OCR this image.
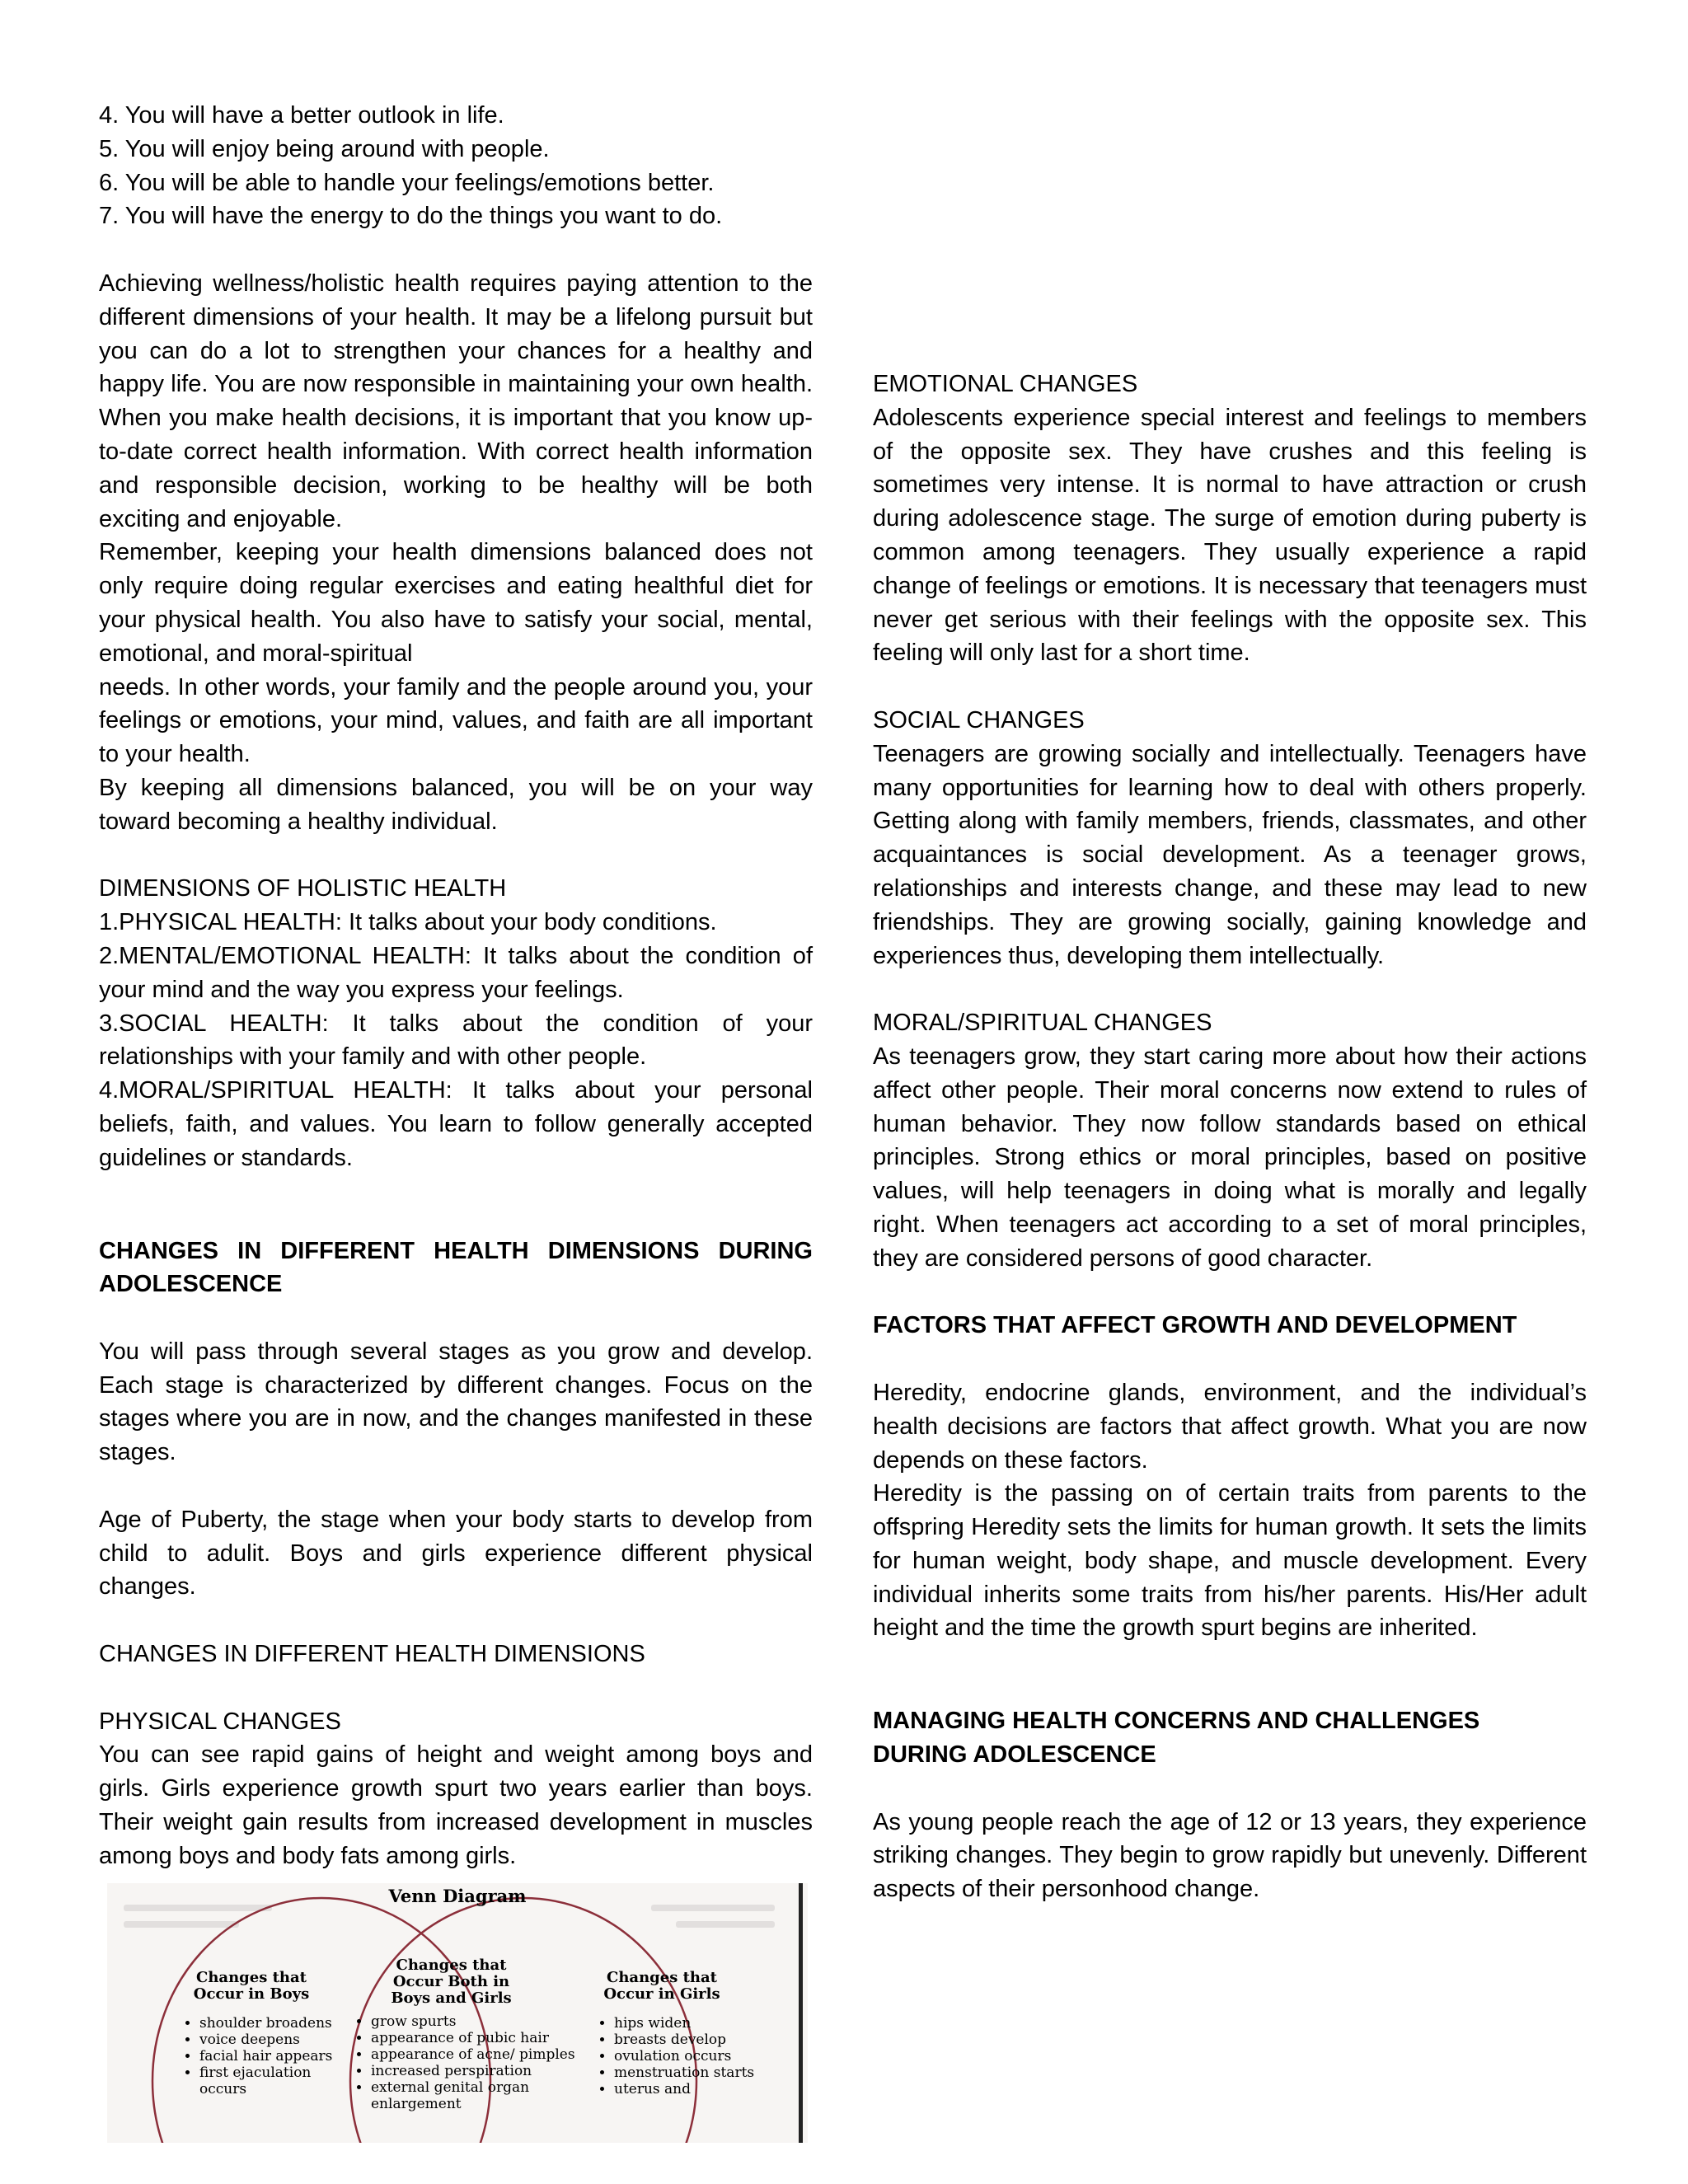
4. You will have a better outlook in life.

5. You will enjoy being around with people.

6. You will be able to handle your feelings/emotions better.

7. You will have the energy to do the things you want to do.

Achieving wellness/holistic health requires paying attention to the different dimensions of your health. It may be a lifelong pursuit but you can do a lot to strengthen your chances for a healthy and happy life. You are now responsible in maintaining your own health. When you make health decisions, it is important that you know up-to-date correct health information. With correct health information and responsible decision, working to be healthy will be both exciting and enjoyable.

Remember, keeping your health dimensions balanced does not only require doing regular exercises and eating healthful diet for your physical health. You also have to satisfy your social, mental, emotional, and moral-spiritual

needs. In other words, your family and the people around you, your feelings or emotions, your mind, values, and faith are all important to your health.

By keeping all dimensions balanced, you will be on your way toward becoming a healthy individual.

DIMENSIONS OF HOLISTIC HEALTH

1.PHYSICAL HEALTH: It talks about your body conditions.

2.MENTAL/EMOTIONAL HEALTH: It talks about the condition of your mind and the way you express your feelings.

3.SOCIAL HEALTH: It talks about the condition of your relationships with your family and with other people.

4.MORAL/SPIRITUAL HEALTH: It talks about your personal beliefs, faith, and values. You learn to follow generally accepted guidelines or standards.

CHANGES IN DIFFERENT HEALTH DIMENSIONS DURING ADOLESCENCE

You will pass through several stages as you grow and develop. Each stage is characterized by different changes. Focus on the stages where you are in now, and the changes manifested in these stages.

Age of Puberty, the stage when your body starts to develop from child to adulit. Boys and girls experience different physical changes.

CHANGES IN DIFFERENT HEALTH DIMENSIONS

PHYSICAL CHANGES

You can see rapid gains of height and weight among boys and girls. Girls experience growth spurt two years earlier than boys. Their weight gain results from increased development in muscles among boys and body fats among girls.

Venn Diagram
Changes that Occur in Boys
• shoulder broadens
• voice deepens
• facial hair appears
• first ejaculation occurs
Changes that Occur Both in Boys and Girls
• grow spurts
• appearance of pubic hair
• appearance of acne/ pimples
• increased perspiration
• external genital organ enlargement
Changes that Occur in Girls
• hips widen
• breasts develop
• ovulation occurs
• menstruation starts
• uterus and

EMOTIONAL CHANGES

Adolescents experience special interest and feelings to members of the opposite sex. They have crushes and this feeling is sometimes very intense. It is normal to have attraction or crush during adolescence stage. The surge of emotion during puberty is common among teenagers. They usually experience a rapid change of feelings or emotions. It is necessary that teenagers must never get serious with their feelings with the opposite sex. This feeling will only last for a short time.

SOCIAL CHANGES

Teenagers are growing socially and intellectually. Teenagers have many opportunities for learning how to deal with others properly. Getting along with family members, friends, classmates, and other acquaintances is social development. As a teenager grows, relationships and interests change, and these may lead to new friendships. They are growing socially, gaining knowledge and experiences thus, developing them intellectually.

MORAL/SPIRITUAL CHANGES

As teenagers grow, they start caring more about how their actions affect other people. Their moral concerns now extend to rules of human behavior. They now follow standards based on ethical principles. Strong ethics or moral principles, based on positive values, will help teenagers in doing what is morally and legally right. When teenagers act according to a set of moral principles, they are considered persons of good character.

FACTORS THAT AFFECT GROWTH AND DEVELOPMENT

Heredity, endocrine glands, environment, and the individual’s health decisions are factors that affect growth. What you are now depends on these factors.

Heredity is the passing on of certain traits from parents to the offspring Heredity sets the limits for human growth. It sets the limits for human weight, body shape, and muscle development. Every individual inherits some traits from his/her parents. His/Her adult height and the time the growth spurt begins are inherited.

MANAGING HEALTH CONCERNS AND CHALLENGES

DURING ADOLESCENCE

As young people reach the age of 12 or 13 years, they experience striking changes. They begin to grow rapidly but unevenly. Different aspects of their personhood change.
